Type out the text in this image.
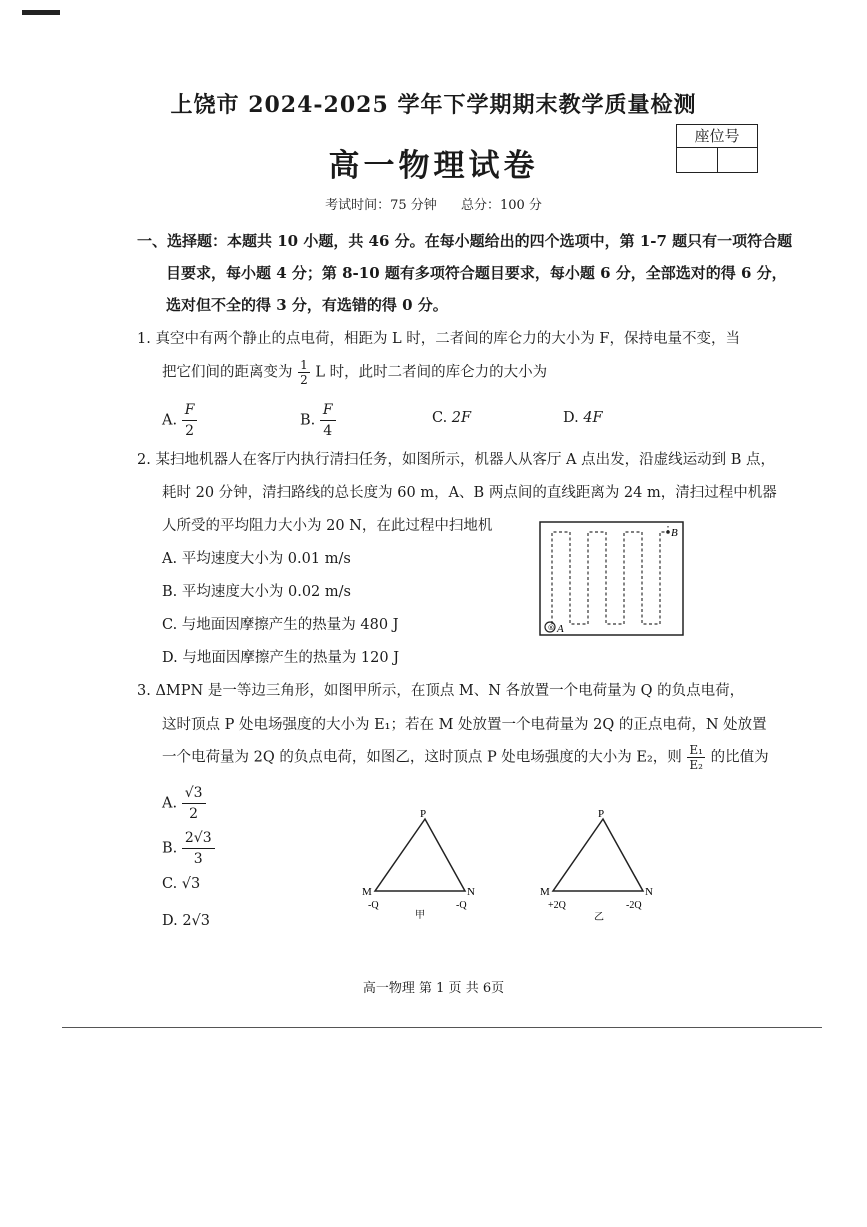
上饶市 2024-2025 学年下学期期末教学质量检测
高一物理试卷
座位号
考试时间：75 分钟 总分：100 分
一、选择题：本题共 10 小题，共 46 分。在每小题给出的四个选项中，第 1-7 题只有一项符合题
目要求，每小题 4 分；第 8-10 题有多项符合题目要求，每小题 6 分，全部选对的得 6 分，
选对但不全的得 3 分，有选错的得 0 分。
1. 真空中有两个静止的点电荷，相距为 L 时，二者间的库仑力的大小为 F，保持电量不变，当
把它们间的距离变为 $\frac{1}{2}$ L 时，此时二者间的库仑力的大小为
A. $\frac{F}{2}$	B. $\frac{F}{4}$	C. 2F	D. 4F
2. 某扫地机器人在客厅内执行清扫任务，如图所示，机器人从客厅 A 点出发，沿虚线运动到 B 点，
耗时 20 分钟，清扫路线的总长度为 60 m，A、B 两点间的直线距离为 24 m，清扫过程中机器
人所受的平均阻力大小为 20 N，在此过程中扫地机
A. 平均速度大小为 0.01 m/s
B. 平均速度大小为 0.02 m/s
C. 与地面因摩擦产生的热量为 480 J
D. 与地面因摩擦产生的热量为 120 J
® A
B
3. ΔMPN 是一等边三角形，如图甲所示，在顶点 M、N 各放置一个电荷量为 Q 的负点电荷，
这时顶点 P 处电场强度的大小为 E₁；若在 M 处放置一个电荷量为 2Q 的正点电荷，N 处放置
一个电荷量为 2Q 的负点电荷，如图乙，这时顶点 P 处电场强度的大小为 E₂，则 $\frac{\text{E₁}}{\text{E₂}}$ 的比值为
A. $\frac{√3}{2}$
B. $\frac{2√3}{3}$
C. √3
D. 2√3
P
M	N
-Q	-Q
甲
P
M	N
+2Q	-2Q
乙
高一物理 第 1 页 共 6页
